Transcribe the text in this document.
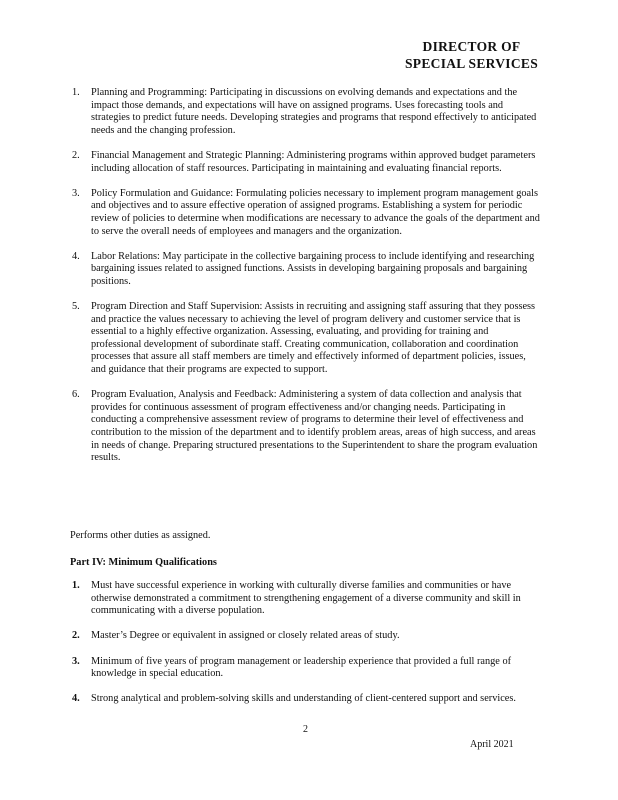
DIRECTOR OF
SPECIAL SERVICES
1. Planning and Programming: Participating in discussions on evolving demands and expectations and the impact those demands, and expectations will have on assigned programs. Uses forecasting tools and strategies to predict future needs. Developing strategies and programs that respond effectively to anticipated needs and the changing profession.
2. Financial Management and Strategic Planning: Administering programs within approved budget parameters including allocation of staff resources. Participating in maintaining and evaluating financial reports.
3. Policy Formulation and Guidance: Formulating policies necessary to implement program management goals and objectives and to assure effective operation of assigned programs. Establishing a system for periodic review of policies to determine when modifications are necessary to advance the goals of the department and to serve the overall needs of employees and managers and the organization.
4. Labor Relations: May participate in the collective bargaining process to include identifying and researching bargaining issues related to assigned functions. Assists in developing bargaining proposals and bargaining positions.
5. Program Direction and Staff Supervision: Assists in recruiting and assigning staff assuring that they possess and practice the values necessary to achieving the level of program delivery and customer service that is essential to a highly effective organization. Assessing, evaluating, and providing for training and professional development of subordinate staff. Creating communication, collaboration and coordination processes that assure all staff members are timely and effectively informed of department policies, issues, and guidance that their programs are expected to support.
6. Program Evaluation, Analysis and Feedback: Administering a system of data collection and analysis that provides for continuous assessment of program effectiveness and/or changing needs. Participating in conducting a comprehensive assessment review of programs to determine their level of effectiveness and contribution to the mission of the department and to identify problem areas, areas of high success, and areas in needs of change. Preparing structured presentations to the Superintendent to share the program evaluation results.
Performs other duties as assigned.
Part IV: Minimum Qualifications
1. Must have successful experience in working with culturally diverse families and communities or have otherwise demonstrated a commitment to strengthening engagement of a diverse community and skill in communicating with a diverse population.
2. Master’s Degree or equivalent in assigned or closely related areas of study.
3. Minimum of five years of program management or leadership experience that provided a full range of knowledge in special education.
4. Strong analytical and problem-solving skills and understanding of client-centered support and services.
2
April 2021
